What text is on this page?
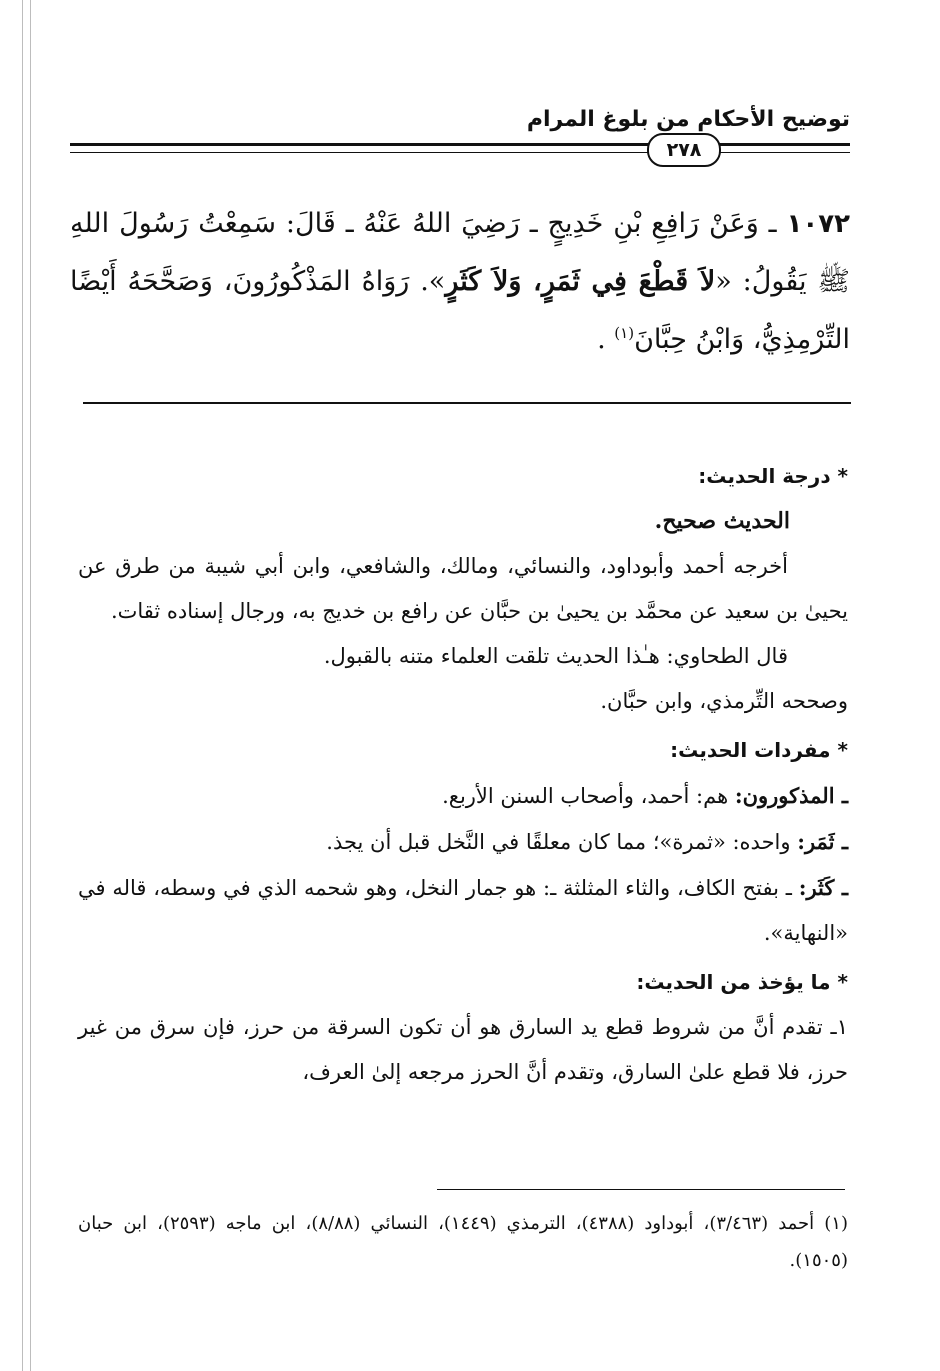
توضيح الأحكام من بلوغ المرام
٢٧٨
١٠٧٢ ـ وَعَنْ رَافِعِ بْنِ خَدِيجٍ ـ رَضِيَ اللهُ عَنْهُ ـ قَالَ: سَمِعْتُ رَسُولَ اللهِ ﷺ يَقُولُ: «لاَ قَطْعَ فِي ثَمَرٍ، وَلاَ كَثَرٍ». رَوَاهُ المَذْكُورُونَ، وَصَحَّحَهُ أَيْضًا التِّرْمِذِيُّ، وَابْنُ حِبَّانَ$^{(١)}$ .

* درجة الحديث:

الحديث صحيح.

أخرجه أحمد وأبوداود، والنسائي، ومالك، والشافعي، وابن أبي شيبة من طرق عن يحيىٰ بن سعيد عن محمَّد بن يحيىٰ بن حبَّان عن رافع بن خديج به، ورجال إسناده ثقات.

قال الطحاوي: هـٰذا الحديث تلقت العلماء متنه بالقبول.

وصححه التِّرمذي، وابن حبَّان.

* مفردات الحديث:

ـ المذكورون: هم: أحمد، وأصحاب السنن الأربع.

ـ ثَمَر: واحده: «ثمرة»؛ مما كان معلقًا في النَّخل قبل أن يجذ.

ـ كَثَر: ـ بفتح الكاف، والثاء المثلثة ـ: هو جمار النخل، وهو شحمه الذي في وسطه، قاله في «النهاية».

* ما يؤخذ من الحديث:

١ـ تقدم أنَّ من شروط قطع يد السارق هو أن تكون السرقة من حرز، فإن سرق من غير حرز، فلا قطع علىٰ السارق، وتقدم أنَّ الحرز مرجعه إلىٰ العرف،

(١) أحمد (٣/٤٦٣)، أبوداود (٤٣٨٨)، الترمذي (١٤٤٩)، النسائي (٨/٨٨)، ابن ماجه (٢٥٩٣)، ابن حبان (١٥٠٥).
